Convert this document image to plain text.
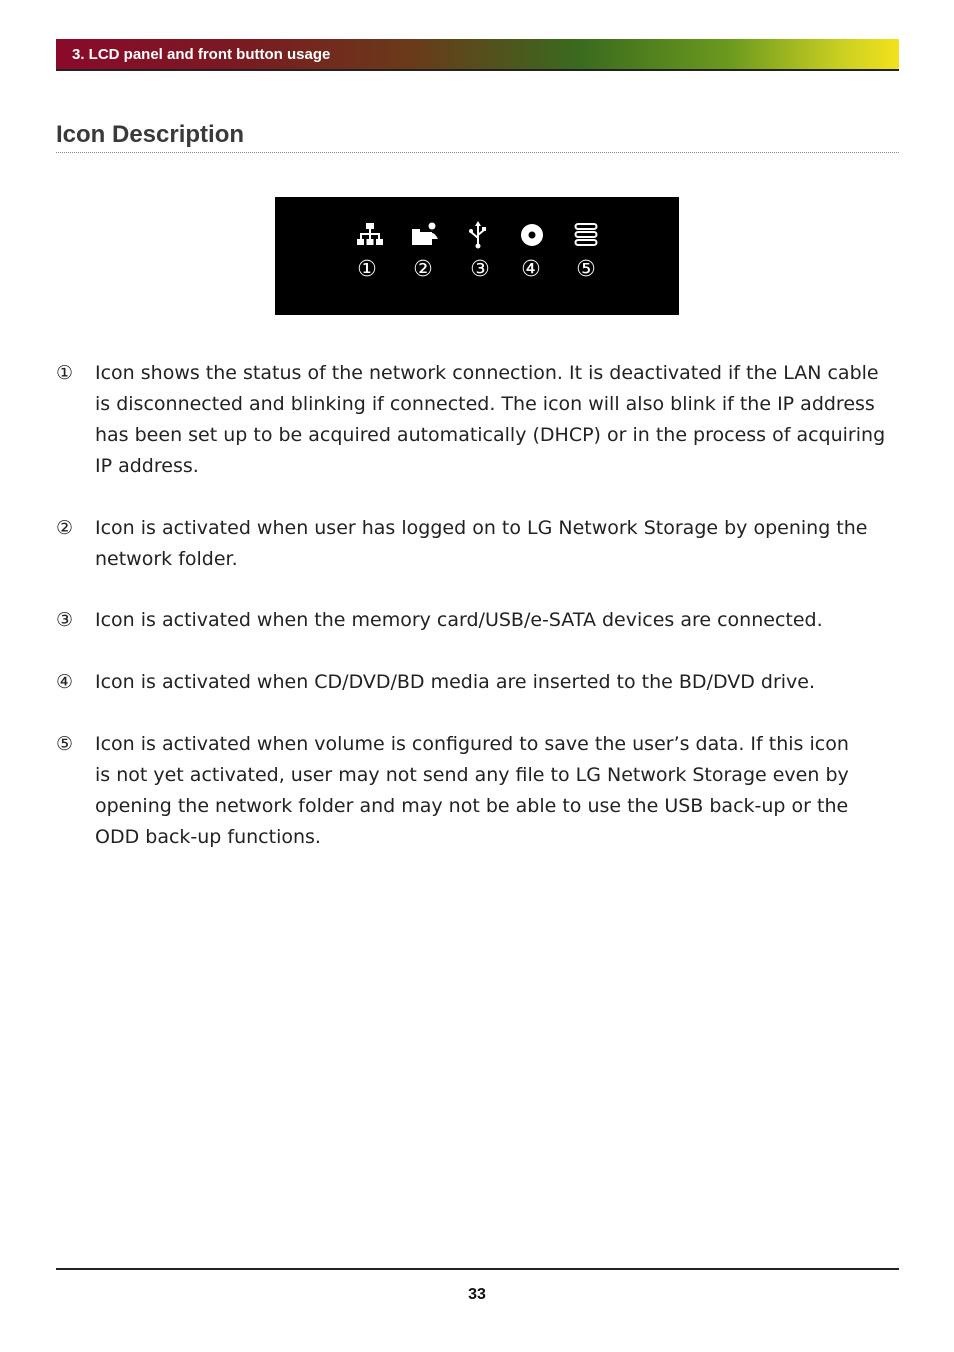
3. LCD panel and front button usage
Icon Description
① ② ③ ④ ⑤
①	Icon shows the status of the network connection. It is deactivated if the LAN cable
is disconnected and blinking if connected. The icon will also blink if the IP address
has been set up to be acquired automatically (DHCP) or in the process of acquiring
IP address.
②	Icon is activated when user has logged on to LG Network Storage by opening the
network folder.
③	Icon is activated when the memory card/USB/e-SATA devices are connected.
④	Icon is activated when CD/DVD/BD media are inserted to the BD/DVD drive.
⑤	Icon is activated when volume is configured to save the user’s data. If this icon
is not yet activated, user may not send any file to LG Network Storage even by
opening the network folder and may not be able to use the USB back-up or the
ODD back-up functions.
33
